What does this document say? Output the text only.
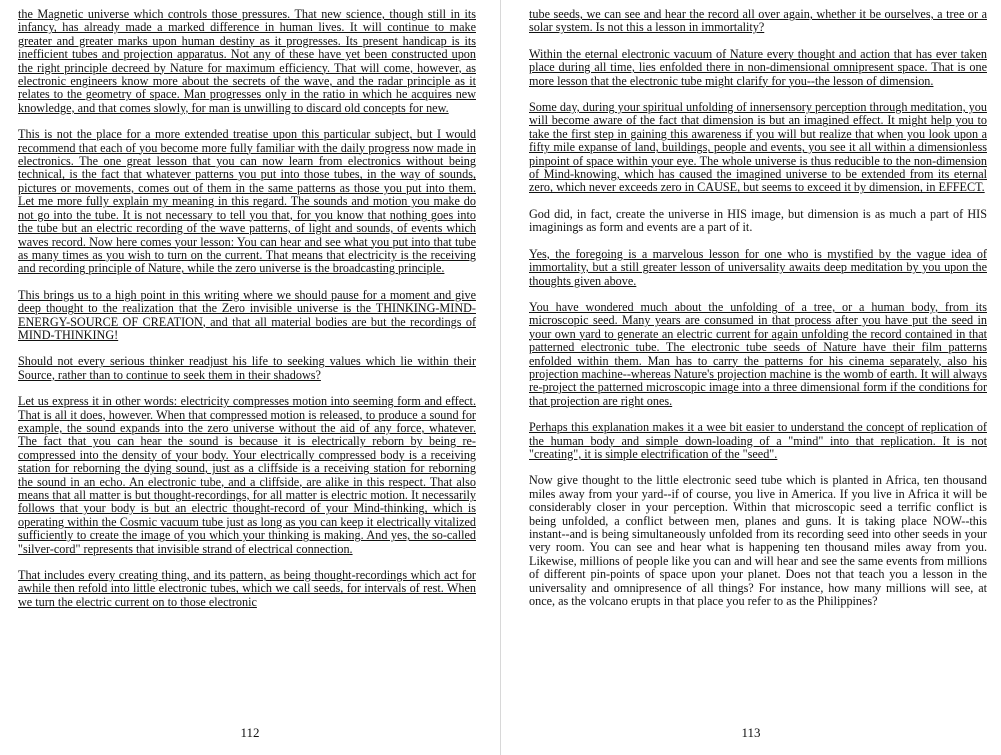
the Magnetic universe which controls those pressures. That new science, though still in its infancy, has already made a marked difference in human lives. It will continue to make greater and greater marks upon human destiny as it progresses. Its present handicap is its inefficient tubes and projection apparatus. Not any of these have yet been constructed upon the right principle decreed by Nature for maximum efficiency. That will come, however, as electronic engineers know more about the secrets of the wave, and the radar principle as it relates to the geometry of space. Man progresses only in the ratio in which he acquires new knowledge, and that comes slowly, for man is unwilling to discard old concepts for new.

This is not the place for a more extended treatise upon this particular subject, but I would recommend that each of you become more fully familiar with the daily progress now made in electronics. The one great lesson that you can now learn from electronics without being technical, is the fact that whatever patterns you put into those tubes, in the way of sounds, pictures or movements, comes out of them in the same patterns as those you put into them. Let me more fully explain my meaning in this regard. The sounds and motion you make do not go into the tube. It is not necessary to tell you that, for you know that nothing goes into the tube but an electric recording of the wave patterns, of light and sounds, of events which waves record. Now here comes your lesson: You can hear and see what you put into that tube as many times as you wish to turn on the current. That means that electricity is the receiving and recording principle of Nature, while the zero universe is the broadcasting principle.

This brings us to a high point in this writing where we should pause for a moment and give deep thought to the realization that the Zero invisible universe is the THINKING-MIND-ENERGY-SOURCE OF CREATION, and that all material bodies are but the recordings of MIND-THINKING!

Should not every serious thinker readjust his life to seeking values which lie within their Source, rather than to continue to seek them in their shadows?

Let us express it in other words: electricity compresses motion into seeming form and effect. That is all it does, however. When that compressed motion is released, to produce a sound for example, the sound expands into the zero universe without the aid of any force, whatever. The fact that you can hear the sound is because it is electrically reborn by being re-compressed into the density of your body. Your electrically compressed body is a receiving station for reborning the dying sound, just as a cliffside is a receiving station for reborning the sound in an echo. An electronic tube, and a cliffside, are alike in this respect. That also means that all matter is but thought-recordings, for all matter is electric motion. It necessarily follows that your body is but an electric thought-record of your Mind-thinking, which is operating within the Cosmic vacuum tube just as long as you can keep it electrically vitalized sufficiently to create the image of you which your thinking is making. And yes, the so-called "silver-cord" represents that invisible strand of electrical connection.

That includes every creating thing, and its pattern, as being thought-recordings which act for awhile then refold into little electronic tubes, which we call seeds, for intervals of rest. When we turn the electric current on to those electronic

112

tube seeds, we can see and hear the record all over again, whether it be ourselves, a tree or a solar system. Is not this a lesson in immortality?

Within the eternal electronic vacuum of Nature every thought and action that has ever taken place during all time, lies enfolded there in non-dimensional omnipresent space. That is one more lesson that the electronic tube might clarify for you--the lesson of dimension.

Some day, during your spiritual unfolding of innersensory perception through meditation, you will become aware of the fact that dimension is but an imagined effect. It might help you to take the first step in gaining this awareness if you will but realize that when you look upon a fifty mile expanse of land, buildings, people and events, you see it all within a dimensionless pinpoint of space within your eye. The whole universe is thus reducible to the non-dimension of Mind-knowing, which has caused the imagined universe to be extended from its eternal zero, which never exceeds zero in CAUSE, but seems to exceed it by dimension, in EFFECT.

God did, in fact, create the universe in HIS image, but dimension is as much a part of HIS imaginings as form and events are a part of it.

Yes, the foregoing is a marvelous lesson for one who is mystified by the vague idea of immortality, but a still greater lesson of universality awaits deep meditation by you upon the thoughts given above.

You have wondered much about the unfolding of a tree, or a human body, from its microscopic seed. Many years are consumed in that process after you have put the seed in your own yard to generate an electric current for again unfolding the record contained in that patterned electronic tube. The electronic tube seeds of Nature have their film patterns enfolded within them. Man has to carry the patterns for his cinema separately, also his projection machine--whereas Nature's projection machine is the womb of earth. It will always re-project the patterned microscopic image into a three dimensional form if the conditions for that projection are right ones.

Perhaps this explanation makes it a wee bit easier to understand the concept of replication of the human body and simple down-loading of a "mind" into that replication. It is not "creating", it is simple electrification of the "seed".

Now give thought to the little electronic seed tube which is planted in Africa, ten thousand miles away from your yard--if of course, you live in America. If you live in Africa it will be considerably closer in your perception. Within that microscopic seed a terrific conflict is being unfolded, a conflict between men, planes and guns. It is taking place NOW--this instant--and is being simultaneously unfolded from its recording seed into other seeds in your very room. You can see and hear what is happening ten thousand miles away from you. Likewise, millions of people like you can and will hear and see the same events from millions of different pin-points of space upon your planet. Does not that teach you a lesson in the universality and omnipresence of all things? For instance, how many millions will see, at once, as the volcano erupts in that place you refer to as the Philippines?

113
